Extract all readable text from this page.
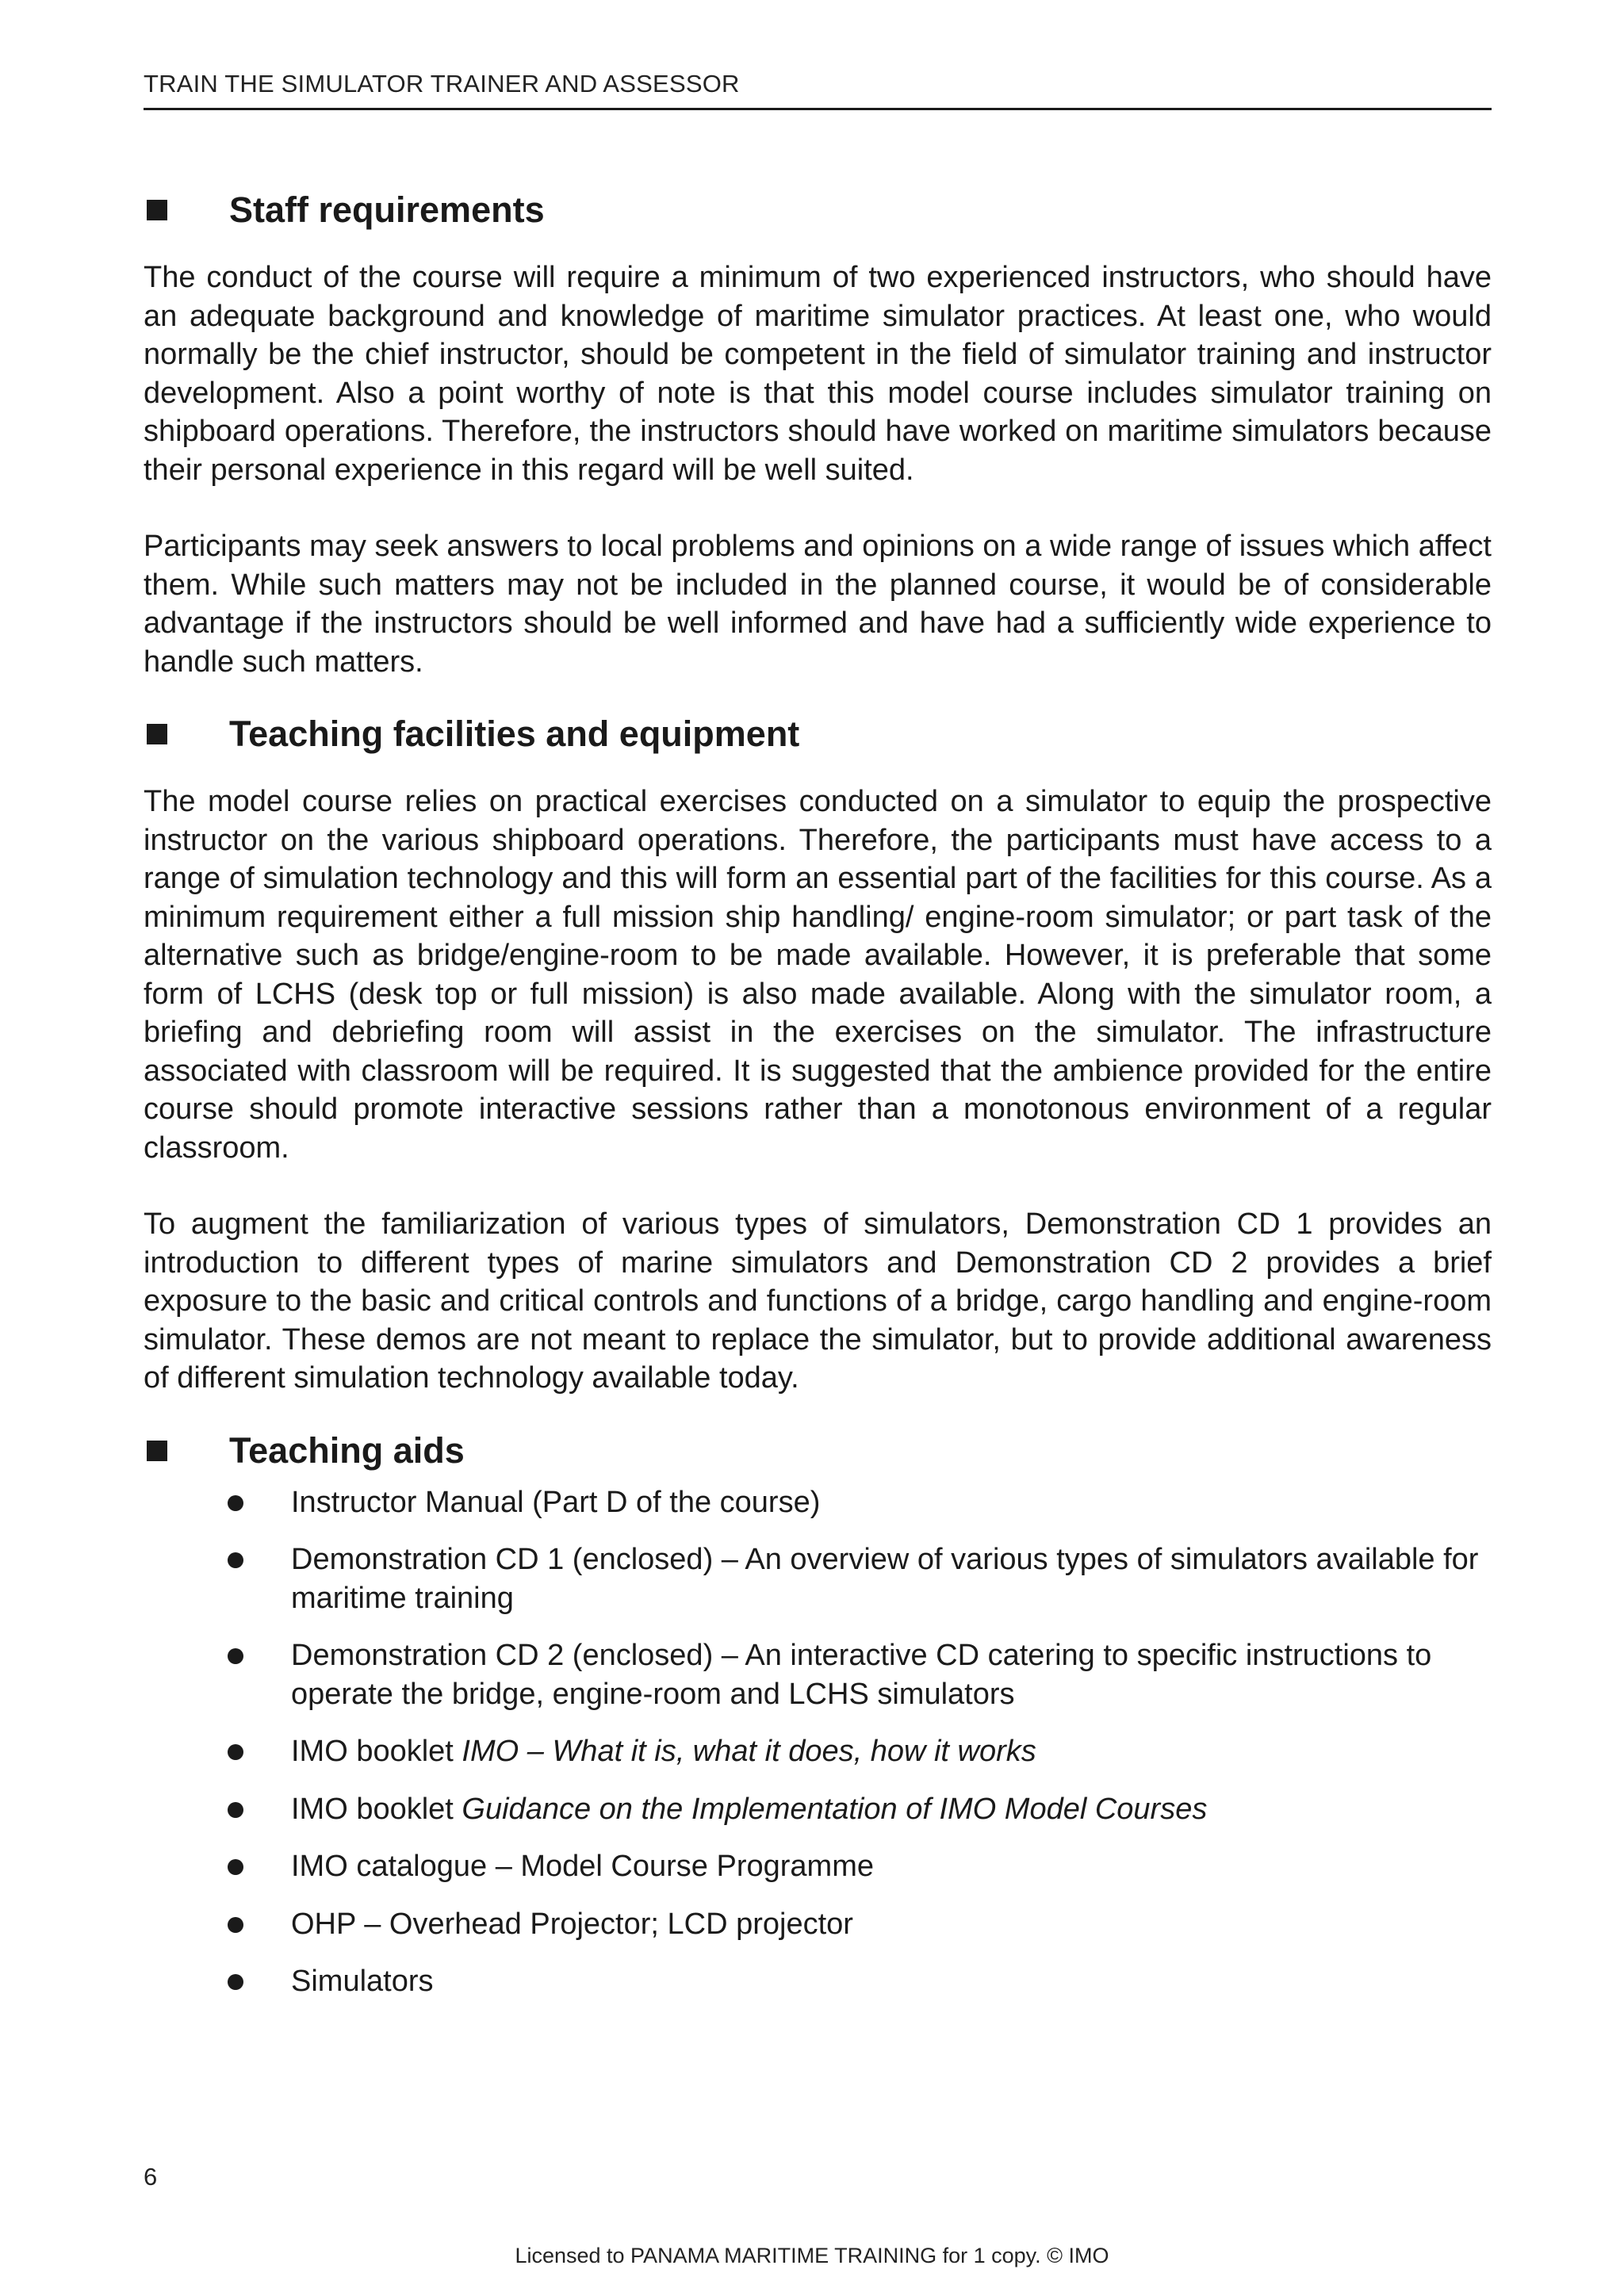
TRAIN THE SIMULATOR TRAINER AND ASSESSOR
Staff requirements

The conduct of the course will require a minimum of two experienced instructors, who should have an adequate background and knowledge of maritime simulator practices. At least one, who would normally be the chief instructor, should be competent in the field of simulator training and instructor development. Also a point worthy of note is that this model course includes simulator training on shipboard operations. Therefore, the instructors should have worked on maritime simulators because their personal experience in this regard will be well suited.

Participants may seek answers to local problems and opinions on a wide range of issues which affect them. While such matters may not be included in the planned course, it would be of considerable advantage if the instructors should be well informed and have had a sufficiently wide experience to handle such matters.

Teaching facilities and equipment

The model course relies on practical exercises conducted on a simulator to equip the prospective instructor on the various shipboard operations. Therefore, the participants must have access to a range of simulation technology and this will form an essential part of the facilities for this course. As a minimum requirement either a full mission ship handling/ engine-room simulator; or part task of the alternative such as bridge/engine-room to be made available. However, it is preferable that some form of LCHS (desk top or full mission) is also made available. Along with the simulator room, a briefing and debriefing room will assist in the exercises on the simulator. The infrastructure associated with classroom will be required. It is suggested that the ambience provided for the entire course should promote interactive sessions rather than a monotonous environment of a regular classroom.

To augment the familiarization of various types of simulators, Demonstration CD 1 provides an introduction to different types of marine simulators and Demonstration CD 2 provides a brief exposure to the basic and critical controls and functions of a bridge, cargo handling and engine-room simulator. These demos are not meant to replace the simulator, but to provide additional awareness of different simulation technology available today.

Teaching aids
Instructor Manual (Part D of the course)
Demonstration CD 1 (enclosed) – An overview of various types of simulators available for maritime training
Demonstration CD 2 (enclosed) – An interactive CD catering to specific instructions to operate the bridge, engine-room and LCHS simulators
IMO booklet IMO – What it is, what it does, how it works
IMO booklet Guidance on the Implementation of IMO Model Courses
IMO catalogue – Model Course Programme
OHP – Overhead Projector; LCD projector
Simulators
6
Licensed to PANAMA MARITIME TRAINING for 1 copy. © IMO
